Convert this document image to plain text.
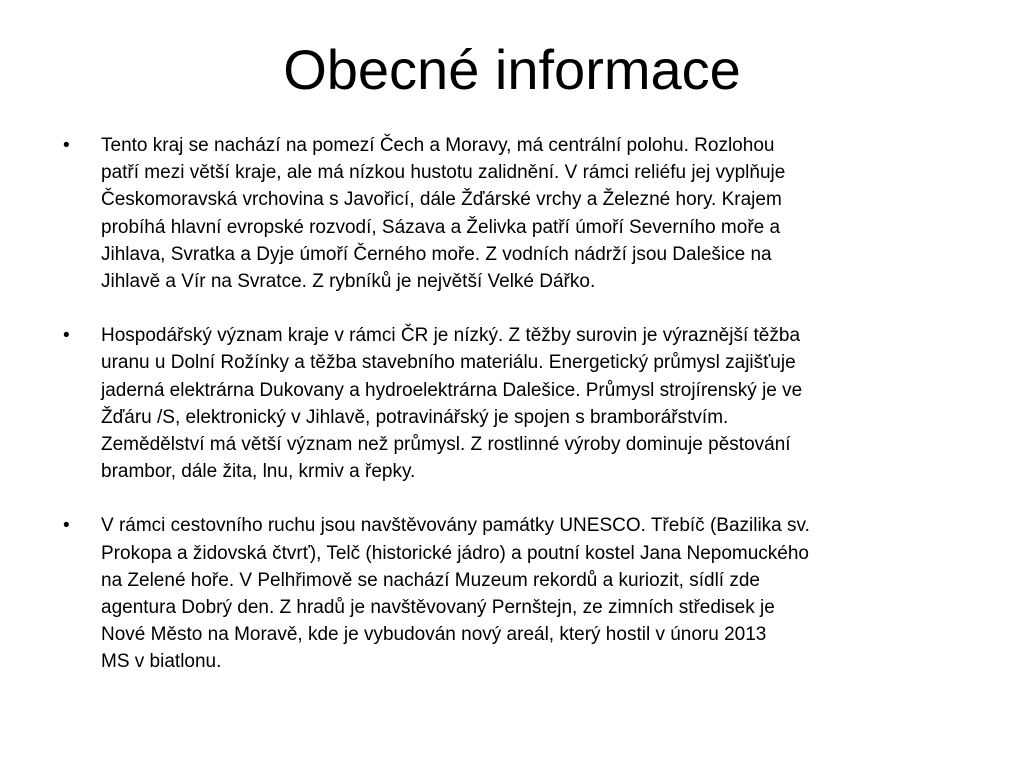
Obecné informace
•	Tento kraj se nachází na pomezí Čech a Moravy, má centrální polohu. Rozlohou
patří mezi větší kraje, ale má nízkou hustotu zalidnění. V rámci reliéfu jej vyplňuje
Českomoravská vrchovina s Javořicí, dále Žďárské vrchy a Železné hory. Krajem
probíhá hlavní evropské rozvodí, Sázava a Želivka patří úmoří Severního moře a
Jihlava, Svratka a Dyje úmoří Černého moře. Z vodních nádrží jsou Dalešice na
Jihlavě a Vír na Svratce. Z rybníků je největší Velké Dářko.
•	Hospodářský význam kraje v rámci ČR je nízký. Z těžby surovin je výraznější těžba
uranu u Dolní Rožínky a těžba stavebního materiálu. Energetický průmysl zajišťuje
jaderná elektrárna Dukovany a hydroelektrárna Dalešice. Průmysl strojírenský je ve
Žďáru /S, elektronický v Jihlavě, potravinářský je spojen s bramborářstvím.
Zemědělství má větší význam než průmysl. Z rostlinné výroby dominuje pěstování
brambor, dále žita, lnu, krmiv a řepky.
•	V rámci cestovního ruchu jsou navštěvovány památky UNESCO. Třebíč (Bazilika sv.
Prokopa a židovská čtvrť), Telč (historické jádro) a poutní kostel Jana Nepomuckého
na Zelené hoře. V Pelhřimově se nachází Muzeum rekordů a kuriozit, sídlí zde
agentura Dobrý den. Z hradů je navštěvovaný Pernštejn, ze zimních středisek je
Nové Město na Moravě, kde je vybudován nový areál, který hostil v únoru 2013
MS v biatlonu.
